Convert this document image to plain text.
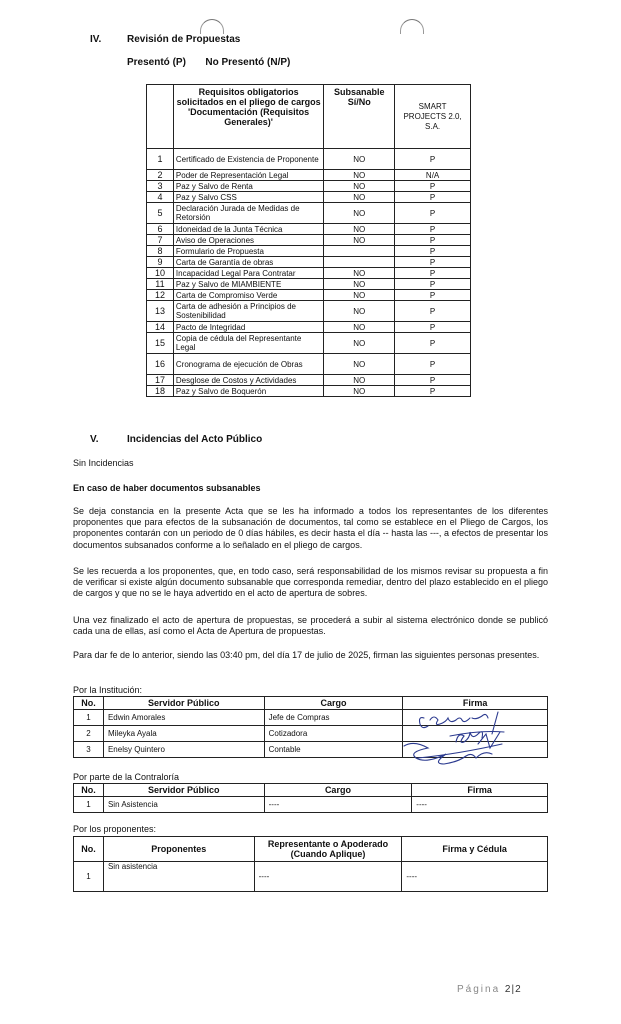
IV.	Revisión de Propuestas
Presentó (P)       No Presentó (N/P)
	Requisitos obligatorios solicitados en el pliego de cargos 'Documentación (Requisitos Generales)'	Subsanable Sí/No	SMART PROJECTS 2.0, S.A.
1	Certificado de Existencia de Proponente	NO	P
2	Poder de Representación Legal	NO	N/A
3	Paz y Salvo de Renta	NO	P
4	Paz y Salvo CSS	NO	P
5	Declaración Jurada de Medidas de Retorsión	NO	P
6	Idoneidad de la Junta Técnica	NO	P
7	Aviso de Operaciones	NO	P
8	Formulario de Propuesta		P
9	Carta de Garantía de obras		P
10	Incapacidad Legal Para Contratar	NO	P
11	Paz y Salvo de MIAMBIENTE	NO	P
12	Carta de Compromiso Verde	NO	P
13	Carta de adhesión a Principios de Sostenibilidad	NO	P
14	Pacto de Integridad	NO	P
15	Copia de cédula del Representante Legal	NO	P
16	Cronograma de ejecución de Obras	NO	P
17	Desglose de Costos y Actividades	NO	P
18	Paz y Salvo de Boquerón	NO	P
V.	Incidencias del Acto Público
Sin Incidencias
En caso de haber documentos subsanables
Se deja constancia en la presente Acta que se les ha informado a todos los representantes de los diferentes proponentes que para efectos de la subsanación de documentos, tal como se establece en el Pliego de Cargos, los proponentes contarán con un periodo de 0 días hábiles, es decir hasta el día -- hasta las ---, a efectos de presentar los documentos subsanados conforme a lo señalado en el pliego de cargos.
Se les recuerda a los proponentes, que, en todo caso, será responsabilidad de los mismos revisar su propuesta a fin de verificar si existe algún documento subsanable que corresponda remediar, dentro del plazo establecido en el pliego de cargos y que no se le haya advertido en el acto de apertura de sobres.
Una vez finalizado el acto de apertura de propuestas, se procederá a subir al sistema electrónico donde se publicó cada una de ellas, así como el Acta de Apertura de propuestas.
Para dar fe de lo anterior, siendo las 03:40 pm, del día 17 de julio de 2025, firman las siguientes personas presentes.
Por la Institución:
No.	Servidor Público	Cargo	Firma
1	Edwin Amorales	Jefe de Compras	
2	Mileyka Ayala	Cotizadora	
3	Enelsy Quintero	Contable	
Por parte de la Contraloría
No.	Servidor Público	Cargo	Firma
1	Sin Asistencia	----	----
Por los proponentes:
No.	Proponentes	Representante o Apoderado (Cuando Aplique)	Firma y Cédula
1	Sin asistencia	----	----
Página 2|2
